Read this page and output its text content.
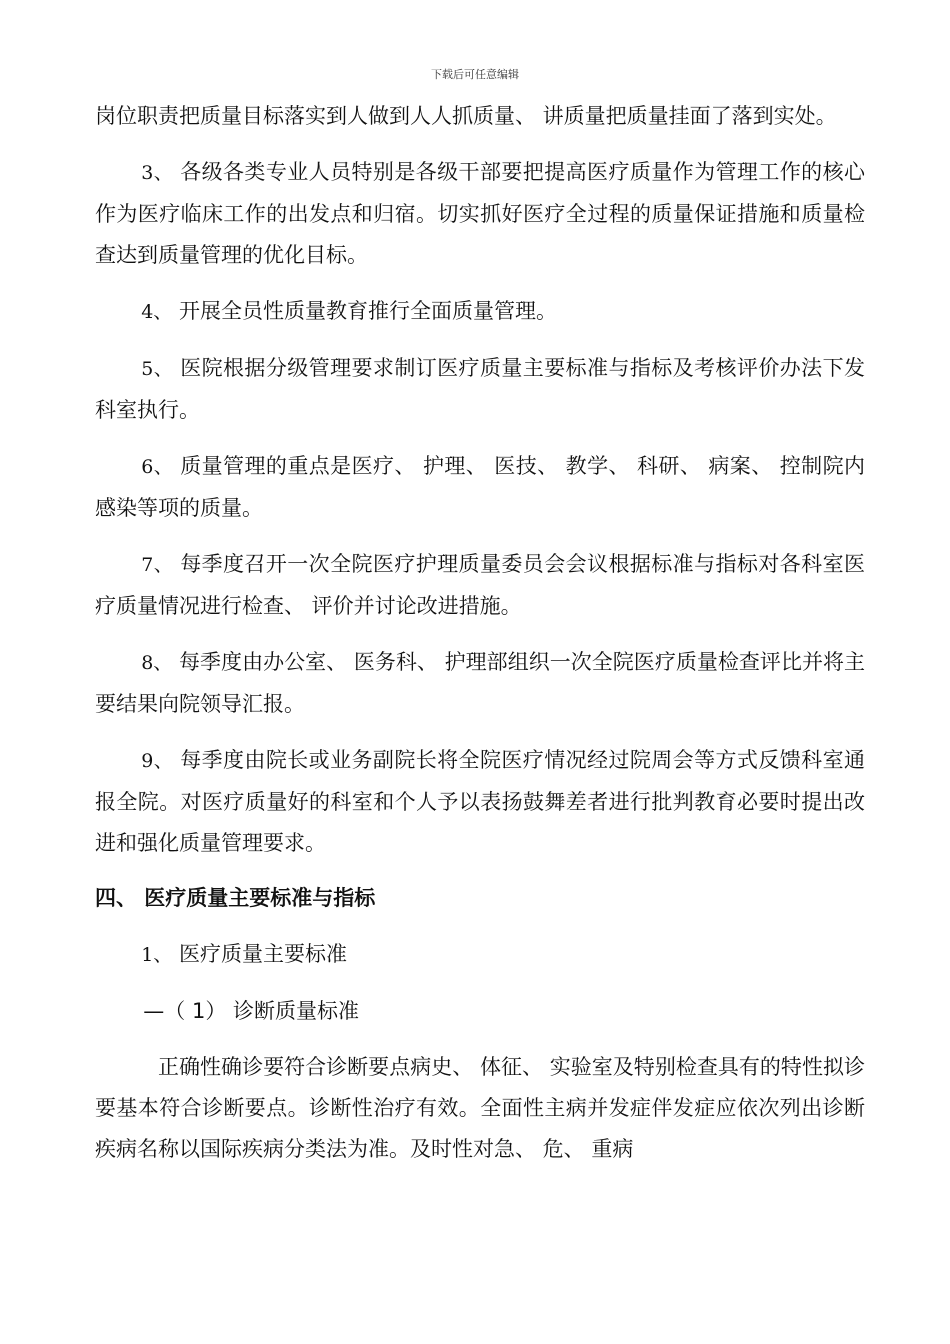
下载后可任意编辑

岗位职责把质量目标落实到人做到人人抓质量、 讲质量把质量挂面了落到实处。

3、 各级各类专业人员特别是各级干部要把提高医疗质量作为管理工作的核心作为医疗临床工作的出发点和归宿。切实抓好医疗全过程的质量保证措施和质量检查达到质量管理的优化目标。

4、 开展全员性质量教育推行全面质量管理。

5、 医院根据分级管理要求制订医疗质量主要标准与指标及考核评价办法下发科室执行。

6、 质量管理的重点是医疗、 护理、 医技、 教学、 科研、 病案、 控制院内感染等项的质量。

7、 每季度召开一次全院医疗护理质量委员会会议根据标准与指标对各科室医疗质量情况进行检查、 评价并讨论改进措施。

8、 每季度由办公室、 医务科、 护理部组织一次全院医疗质量检查评比并将主要结果向院领导汇报。

9、 每季度由院长或业务副院长将全院医疗情况经过院周会等方式反馈科室通报全院。对医疗质量好的科室和个人予以表扬鼓舞差者进行批判教育必要时提出改进和强化质量管理要求。

四、 医疗质量主要标准与指标

1、 医疗质量主要标准

—（ 1） 诊断质量标准

正确性确诊要符合诊断要点病史、 体征、 实验室及特别检查具有的特性拟诊要基本符合诊断要点。诊断性治疗有效。全面性主病并发症伴发症应依次列出诊断疾病名称以国际疾病分类法为准。及时性对急、 危、 重病
